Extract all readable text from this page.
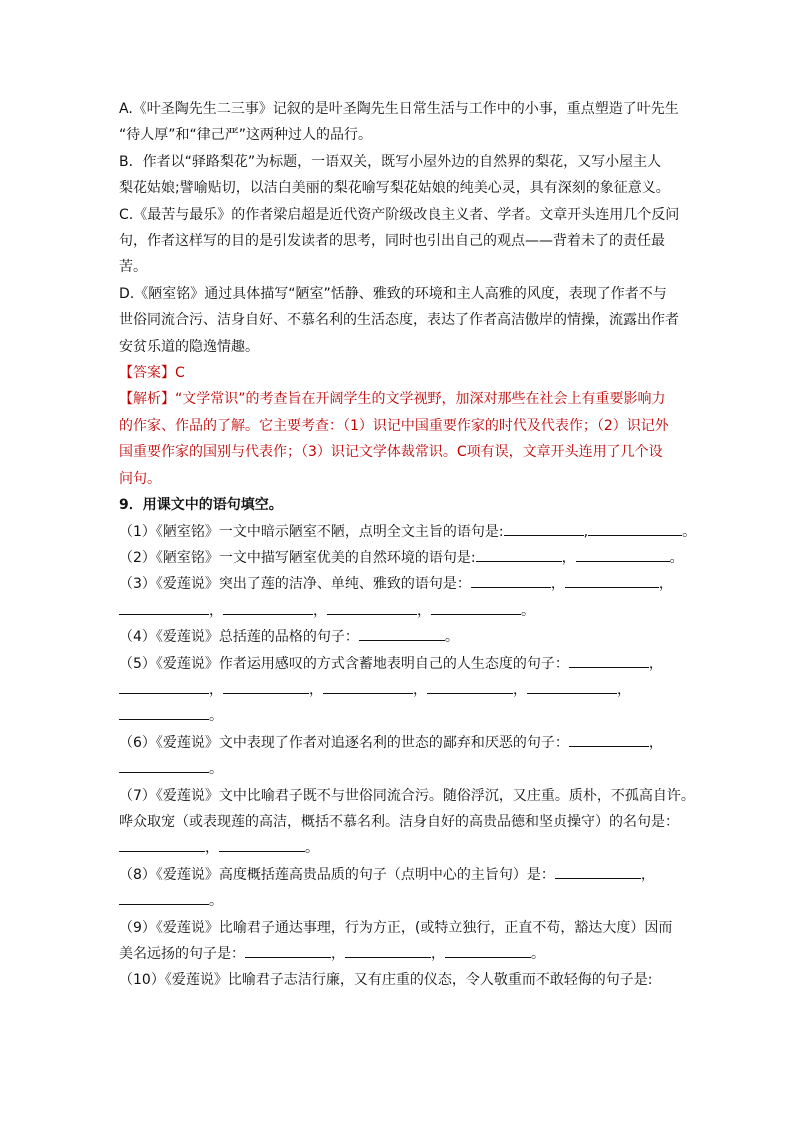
A.《叶圣陶先生二三事》记叙的是叶圣陶先生日常生活与工作中的小事，重点塑造了叶先生
“待人厚”和“律己严”这两种过人的品行。
B．作者以“驿路梨花”为标题，一语双关，既写小屋外边的自然界的梨花，又写小屋主人
梨花姑娘;譬喻贴切，以洁白美丽的梨花喻写梨花姑娘的纯美心灵，具有深刻的象征意义。
C.《最苦与最乐》的作者梁启超是近代资产阶级改良主义者、学者。文章开头连用几个反问
句，作者这样写的目的是引发读者的思考，同时也引出自己的观点——背着未了的责任最
苦。
D.《陋室铭》通过具体描写“陋室”恬静、雅致的环境和主人高雅的风度，表现了作者不与
世俗同流合污、洁身自好、不慕名利的生活态度，表达了作者高洁傲岸的情操，流露出作者
安贫乐道的隐逸情趣。
【答案】C
【解析】“文学常识”的考查旨在开阔学生的文学视野，加深对那些在社会上有重要影响力
的作家、作品的了解。它主要考查：（1）识记中国重要作家的时代及代表作；（2）识记外
国重要作家的国别与代表作；（3）识记文学体裁常识。C项有误，文章开头连用了几个设
问句。
9．用课文中的语句填空。
（1）《陋室铭》一文中暗示陋室不陋，点明全文主旨的语句是:	,	。
（2）《陋室铭》一文中描写陋室优美的自然环境的语句是:	，	。
（3）《爱莲说》突出了莲的洁净、单纯、雅致的语句是：	，	，
，	，	，	。
（4）《爱莲说》总括莲的品格的句子：	。
（5）《爱莲说》作者运用感叹的方式含蓄地表明自己的人生态度的句子：	，
，	，	，	，	，
。
（6）《爱莲说》文中表现了作者对追逐名利的世态的鄙弃和厌恶的句子：	，
。
（7）《爱莲说》文中比喻君子既不与世俗同流合污。随俗浮沉，又庄重。质朴，不孤高自许。
哗众取宠（或表现莲的高洁，概括不慕名利。洁身自好的高贵品德和坚贞操守）的名句是：
，	。
（8）《爱莲说》高度概括莲高贵品质的句子（点明中心的主旨句）是：	，
。
（9）《爱莲说》比喻君子通达事理，行为方正，(或特立独行，正直不苟，豁达大度）因而
美名远扬的句子是：	，	，	。
（10）《爱莲说》比喻君子志洁行廉，又有庄重的仪态，令人敬重而不敢轻侮的句子是:
